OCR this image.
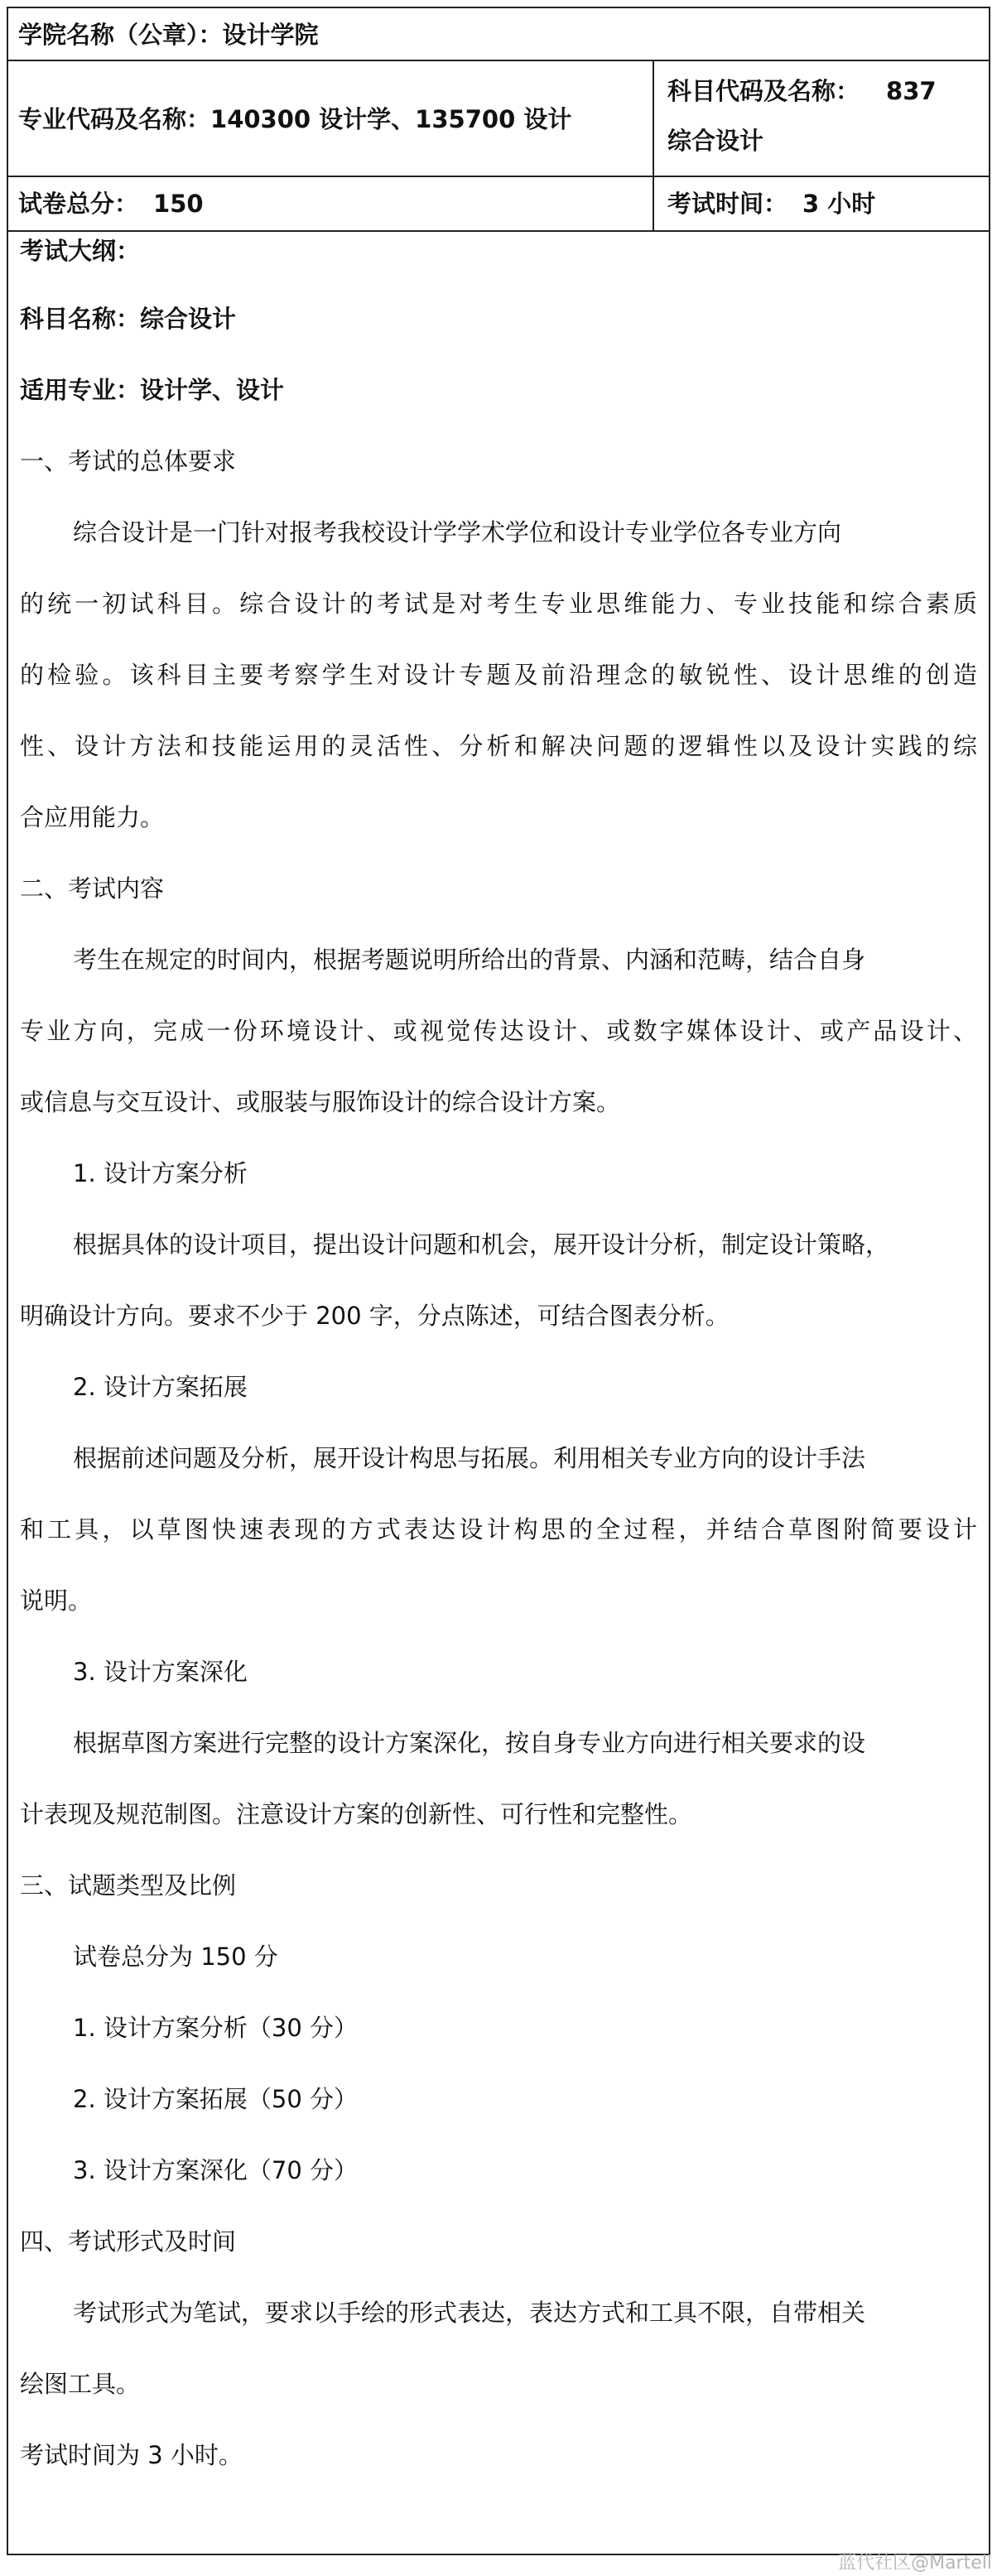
学院名称（公章）：设计学院
专业代码及名称：140300 设计学、135700 设计
科目代码及名称： 837
综合设计
试卷总分： 150	考试时间： 3 小时
考试大纲：
科目名称：综合设计
适用专业：设计学、设计
一、考试的总体要求
综合设计是一门针对报考我校设计学学术学位和设计专业学位各专业方向
的统一初试科目。综合设计的考试是对考生专业思维能力、专业技能和综合素质
的检验。该科目主要考察学生对设计专题及前沿理念的敏锐性、设计思维的创造
性、设计方法和技能运用的灵活性、分析和解决问题的逻辑性以及设计实践的综
合应用能力。
二、考试内容
考生在规定的时间内，根据考题说明所给出的背景、内涵和范畴，结合自身
专业方向，完成一份环境设计、或视觉传达设计、或数字媒体设计、或产品设计、
或信息与交互设计、或服装与服饰设计的综合设计方案。
1. 设计方案分析
根据具体的设计项目，提出设计问题和机会，展开设计分析，制定设计策略，
明确设计方向。要求不少于 200 字，分点陈述，可结合图表分析。
2. 设计方案拓展
根据前述问题及分析，展开设计构思与拓展。利用相关专业方向的设计手法
和工具，以草图快速表现的方式表达设计构思的全过程，并结合草图附简要设计
说明。
3. 设计方案深化
根据草图方案进行完整的设计方案深化，按自身专业方向进行相关要求的设
计表现及规范制图。注意设计方案的创新性、可行性和完整性。
三、试题类型及比例
试卷总分为 150 分
1. 设计方案分析（30 分）
2. 设计方案拓展（50 分）
3. 设计方案深化（70 分）
四、考试形式及时间
考试形式为笔试，要求以手绘的形式表达，表达方式和工具不限，自带相关
绘图工具。
考试时间为 3 小时。
蓝代社区@Martell
